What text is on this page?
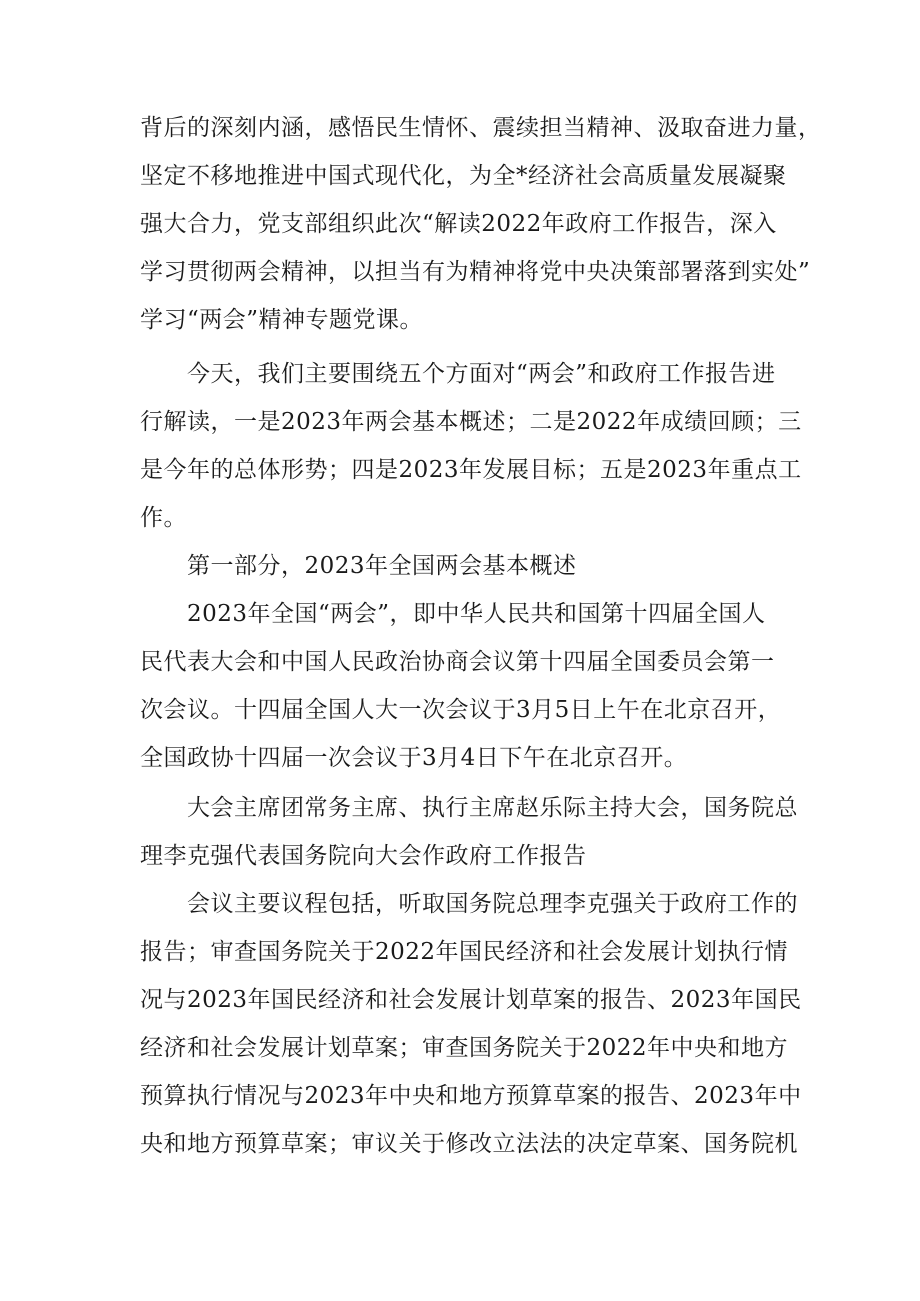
背后的深刻内涵，感悟民生情怀、震续担当精神、汲取奋进力量，
坚定不移地推进中国式现代化，为全*经济社会高质量发展凝聚
强大合力，党支部组织此次“解读2022年政府工作报告，深入
学习贯彻两会精神，以担当有为精神将党中央决策部署落到实处”
学习“两会”精神专题党课。

今天，我们主要围绕五个方面对“两会”和政府工作报告进
行解读，一是2023年两会基本概述；二是2022年成绩回顾；三
是今年的总体形势；四是2023年发展目标；五是2023年重点工
作。

第一部分，2023年全国两会基本概述

2023年全国“两会”，即中华人民共和国第十四届全国人
民代表大会和中国人民政治协商会议第十四届全国委员会第一
次会议。十四届全国人大一次会议于3月5日上午在北京召开，
全国政协十四届一次会议于3月4日下午在北京召开。

大会主席团常务主席、执行主席赵乐际主持大会，国务院总
理李克强代表国务院向大会作政府工作报告

会议主要议程包括，听取国务院总理李克强关于政府工作的
报告；审查国务院关于2022年国民经济和社会发展计划执行情
况与2023年国民经济和社会发展计划草案的报告、2023年国民
经济和社会发展计划草案；审查国务院关于2022年中央和地方
预算执行情况与2023年中央和地方预算草案的报告、2023年中
央和地方预算草案；审议关于修改立法法的决定草案、国务院机
